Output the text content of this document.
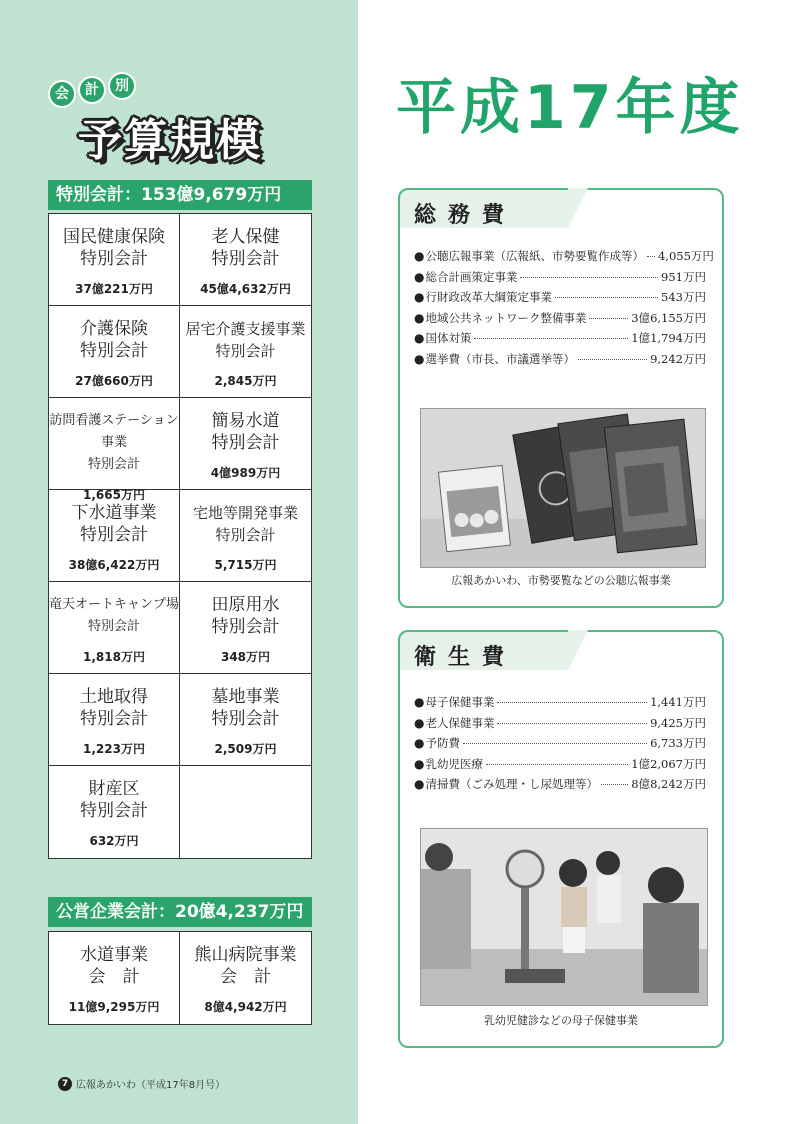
会	計	別
予算規模
特別会計：153億9,679万円
国民健康保険
特別会計
37億221万円
老人保健
特別会計
45億4,632万円
介護保険
特別会計
27億660万円
居宅介護支援事業
特別会計
2,845万円
訪問看護ステーション事業
特別会計
1,665万円
簡易水道
特別会計
4億989万円
下水道事業
特別会計
38億6,422万円
宅地等開発事業
特別会計
5,715万円
竜天オートキャンプ場
特別会計
1,818万円
田原用水
特別会計
348万円
土地取得
特別会計
1,223万円
墓地事業
特別会計
2,509万円
財産区
特別会計
632万円
公営企業会計：20億4,237万円
水道事業
会　計
11億9,295万円
熊山病院事業
会　計
8億4,942万円
7 広報あかいわ（平成17年8月号）
平成17年度
総務費
● 公聴広報事業（広報紙、市勢要覧作成等） 4,055万円
● 総合計画策定事業	951万円
● 行財政改革大綱策定事業	543万円
● 地域公共ネットワーク整備事業	3億6,155万円
● 国体対策	1億1,794万円
● 選挙費（市長、市議選挙等）	9,242万円
広報あかいわ、市勢要覧などの公聴広報事業
衛生費
● 母子保健事業	1,441万円
● 老人保健事業	9,425万円
● 予防費	6,733万円
● 乳幼児医療	1億2,067万円
● 清掃費（ごみ処理・し尿処理等）	8億8,242万円
乳幼児健診などの母子保健事業
